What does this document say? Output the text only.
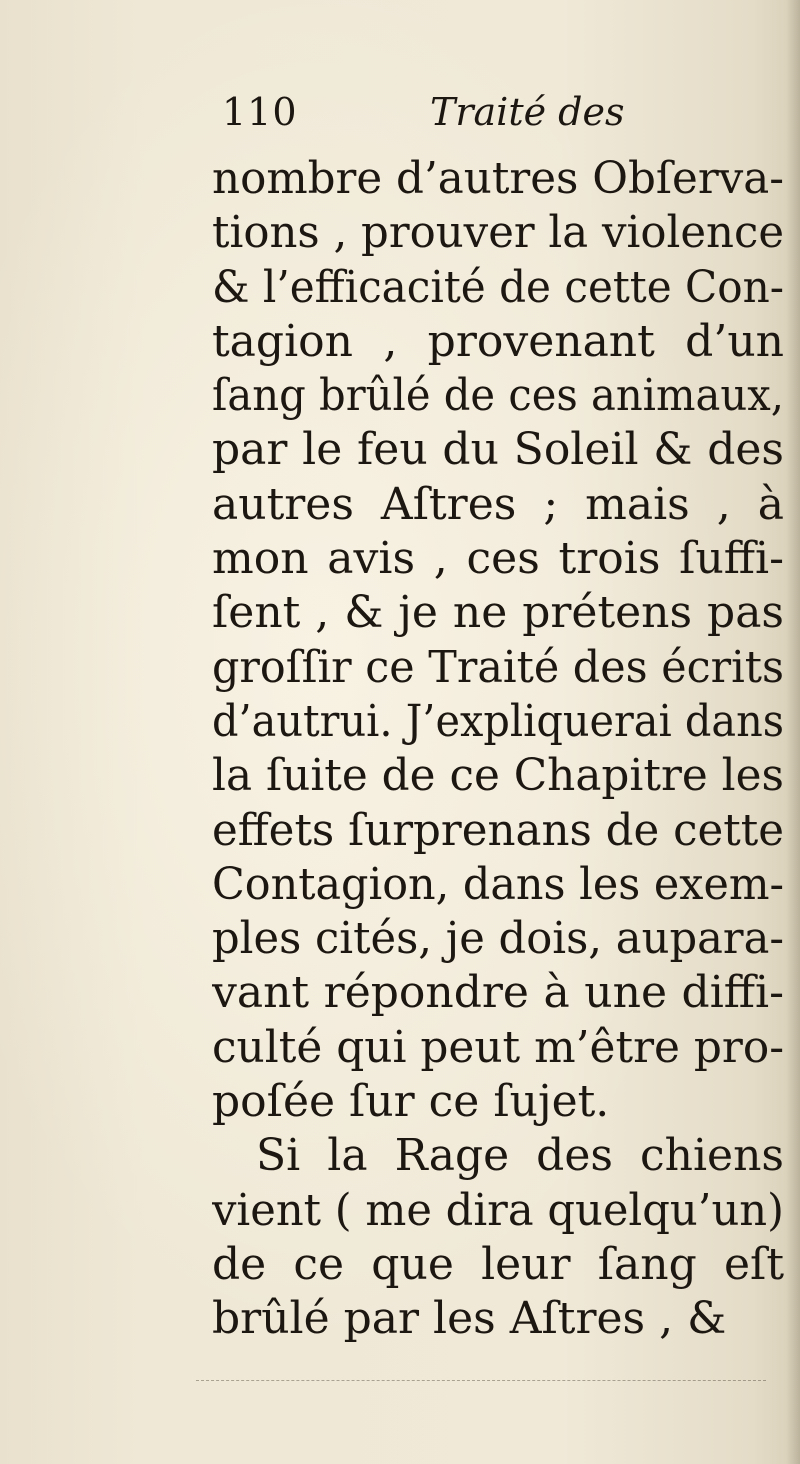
110	Traité des
nombre d’autres Obſerva-
tions , prouver la violence
& l’efficacité de cette Con-
tagion , provenant d’un
ſang brûlé de ces animaux,
par le feu du Soleil & des
autres Aſtres ; mais , à
mon avis , ces trois ſuffi-
ſent , & je ne prétens pas
groſſir ce Traité des écrits
d’autrui. J’expliquerai dans
la ſuite de ce Chapitre les
effets ſurprenans de cette
Contagion, dans les exem-
ples cités, je dois, aupara-
vant répondre à une diffi-
culté qui peut m’être pro-
poſée ſur ce ſujet.
Si la Rage des chiens
vient ( me dira quelqu’un)
de ce que leur ſang eſt
brûlé par les Aſtres , &
